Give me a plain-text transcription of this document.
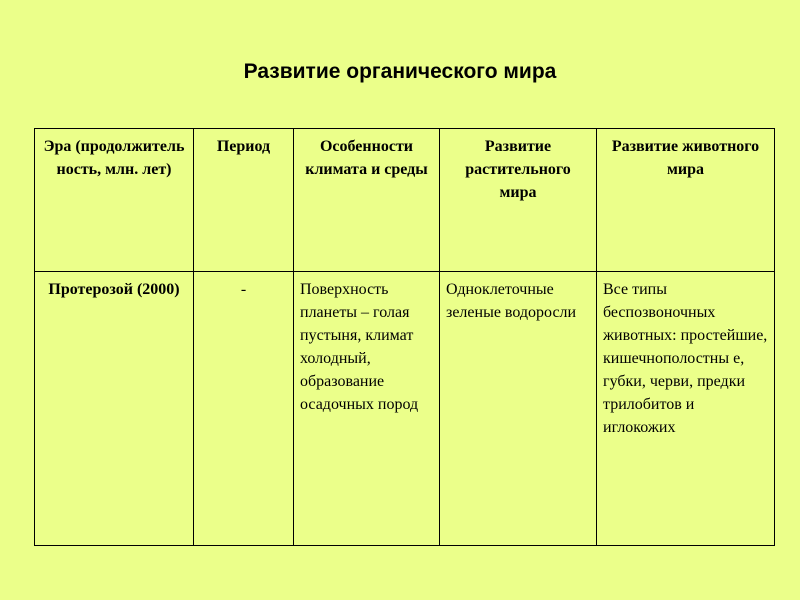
Развитие органического мира
Эра (продолжитель ность, млн. лет)	Период	Особенности климата и среды	Развитие растительного мира	Развитие животного мира
Протерозой (2000)	-	Поверхность планеты – голая пустыня, климат холодный, образование осадочных пород	Одноклеточные зеленые водоросли	Все типы беспозвоночных животных: простейшие, кишечнополостны е, губки, черви, предки трилобитов и иглокожих
